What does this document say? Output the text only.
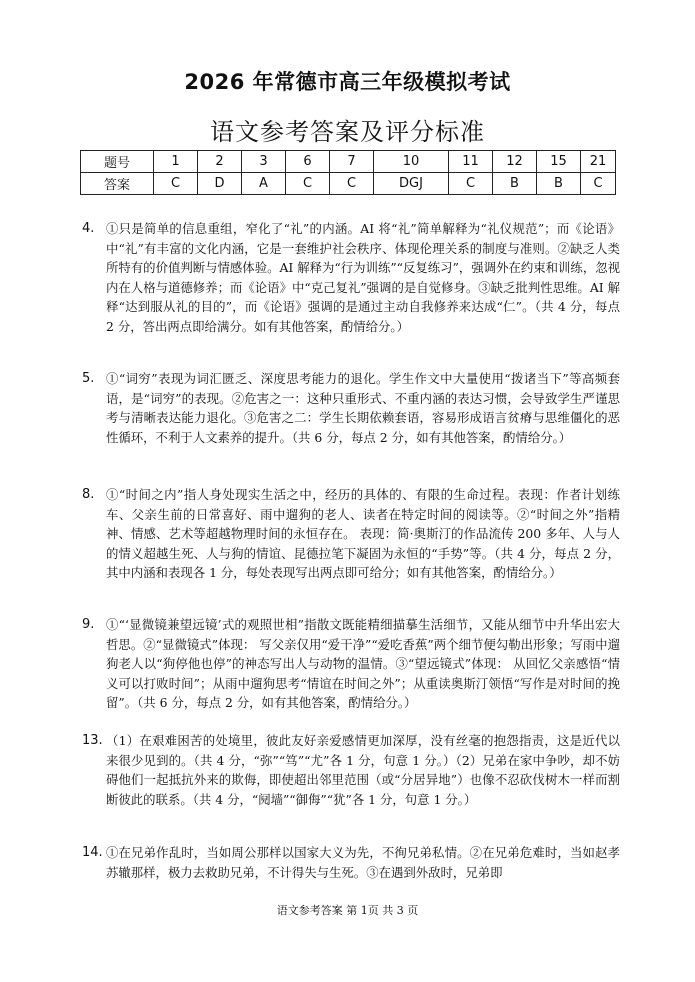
2026 年常德市高三年级模拟考试
语文参考答案及评分标准
题号	1	2	3	6	7	10	11	12	15	21
答案	C	D	A	C	C	DGJ	C	B	B	C
4. ①只是简单的信息重组，窄化了“礼”的内涵。AI 将“礼”简单解释为“礼仪规范”；而《论语》中“礼”有丰富的文化内涵，它是一套维护社会秩序、体现伦理关系的制度与准则。②缺乏人类所特有的价值判断与情感体验。AI 解释为“行为训练”“反复练习”，强调外在约束和训练，忽视内在人格与道德修养；而《论语》中“克己复礼”强调的是自觉修身。③缺乏批判性思维。AI 解释“达到服从礼的目的”，而《论语》强调的是通过主动自我修养来达成“仁”。（共 4 分，每点 2 分，答出两点即给满分。如有其他答案，酌情给分。）
5. ①“词穷”表现为词汇匮乏、深度思考能力的退化。学生作文中大量使用“拨诸当下”等高频套语，是“词穷”的表现。②危害之一：这种只重形式、不重内涵的表达习惯，会导致学生严谨思考与清晰表达能力退化。③危害之二：学生长期依赖套语，容易形成语言贫瘠与思维僵化的恶性循环，不利于人文素养的提升。（共 6 分，每点 2 分，如有其他答案，酌情给分。）
8. ①“时间之内”指人身处现实生活之中，经历的具体的、有限的生命过程。表现：作者计划练车、父亲生前的日常喜好、雨中遛狗的老人、读者在特定时间的阅读等。②“时间之外”指精神、情感、艺术等超越物理时间的永恒存在。 表现：简·奥斯汀的作品流传 200 多年、人与人的情义超越生死、人与狗的情谊、昆德拉笔下凝固为永恒的“手势”等。（共 4 分，每点 2 分，其中内涵和表现各 1 分，每处表现写出两点即可给分；如有其他答案，酌情给分。）
9. ①“‘显微镜兼望远镜’式的观照世相”指散文既能精细描摹生活细节，又能从细节中升华出宏大哲思。②“显微镜式”体现： 写父亲仅用“爱干净”“爱吃香蕉”两个细节便勾勒出形象；写雨中遛狗老人以“狗停他也停”的神态写出人与动物的温情。③“望远镜式”体现： 从回忆父亲感悟“情义可以打败时间”；从雨中遛狗思考“情谊在时间之外”；从重读奥斯汀领悟“写作是对时间的挽留”。（共 6 分，每点 2 分，如有其他答案，酌情给分。）
13. （1）在艰难困苦的处境里，彼此友好亲爱感情更加深厚，没有丝毫的抱怨指责，这是近代以来很少见到的。（共 4 分，“弥”“笃”“尤”各 1 分，句意 1 分。）（2）兄弟在家中争吵，却不妨碍他们一起抵抗外来的欺侮，即使超出邻里范围（或“分居异地”）也像不忍砍伐树木一样而割断彼此的联系。（共 4 分，“阋墙”“御侮”“犹”各 1 分，句意 1 分。）
14. ①在兄弟作乱时，当如周公那样以国家大义为先，不徇兄弟私情。②在兄弟危难时，当如赵孝苏辙那样，极力去救助兄弟，不计得失与生死。③在遇到外敌时，兄弟即
语文参考答案 第 1页 共 3 页
